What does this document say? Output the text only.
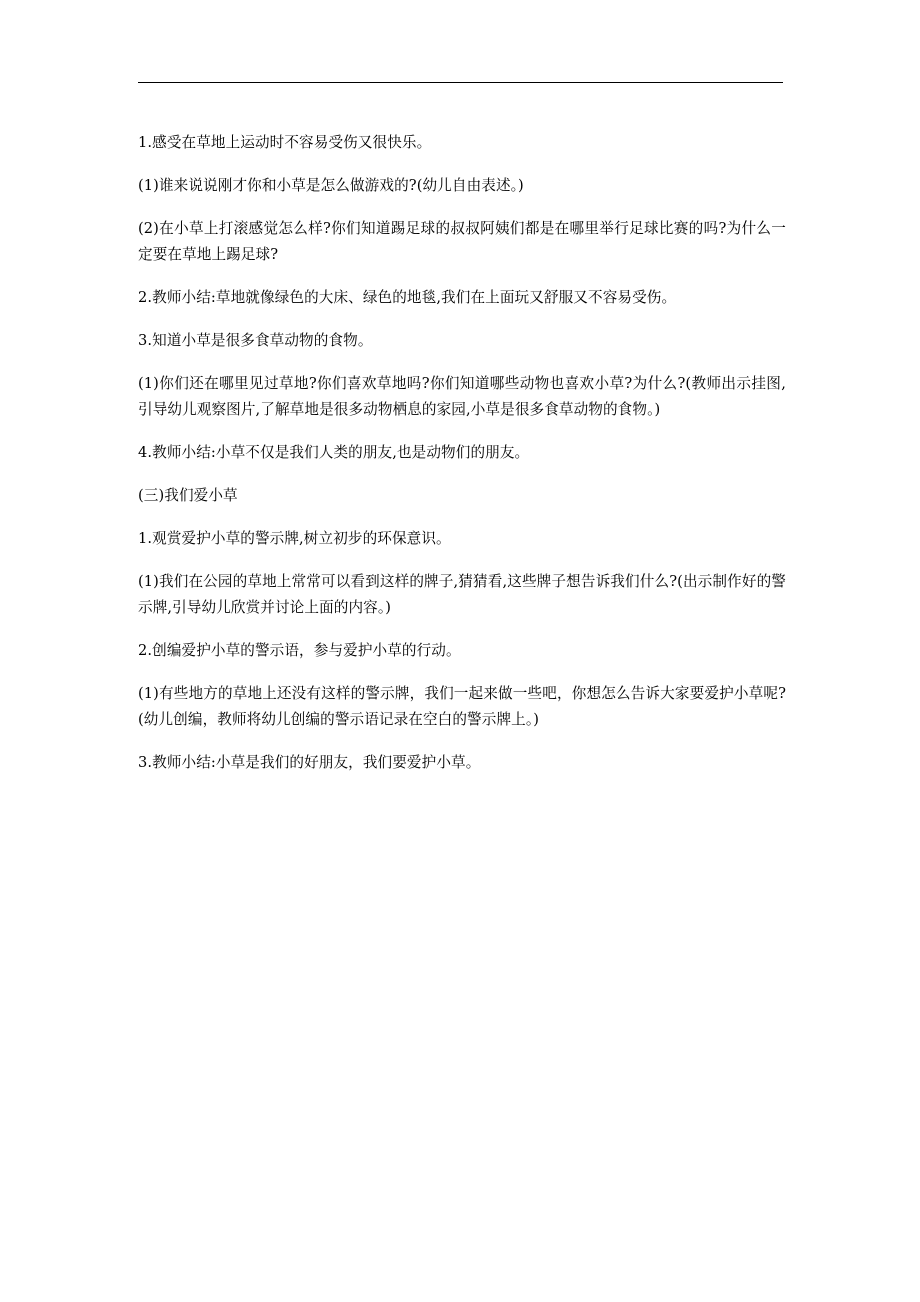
1.感受在草地上运动时不容易受伤又很快乐。

(1)谁来说说刚才你和小草是怎么做游戏的?(幼儿自由表述。)

(2)在小草上打滚感觉怎么样?你们知道踢足球的叔叔阿姨们都是在哪里举行足球比赛的吗?为什么一定要在草地上踢足球?

2.教师小结:草地就像绿色的大床、绿色的地毯,我们在上面玩又舒服又不容易受伤。

3.知道小草是很多食草动物的食物。

(1)你们还在哪里见过草地?你们喜欢草地吗?你们知道哪些动物也喜欢小草?为什么?(教师出示挂图,引导幼儿观察图片,了解草地是很多动物栖息的家园,小草是很多食草动物的食物。)

4.教师小结:小草不仅是我们人类的朋友,也是动物们的朋友。

(三)我们爱小草

1.观赏爱护小草的警示牌,树立初步的环保意识。

(1)我们在公园的草地上常常可以看到这样的牌子,猜猜看,这些牌子想告诉我们什么?(出示制作好的警示牌,引导幼儿欣赏并讨论上面的内容。)

2.创编爱护小草的警示语，参与爱护小草的行动。

(1)有些地方的草地上还没有这样的警示牌，我们一起来做一些吧，你想怎么告诉大家要爱护小草呢?(幼儿创编，教师将幼儿创编的警示语记录在空白的警示牌上。)

3.教师小结:小草是我们的好朋友，我们要爱护小草。
